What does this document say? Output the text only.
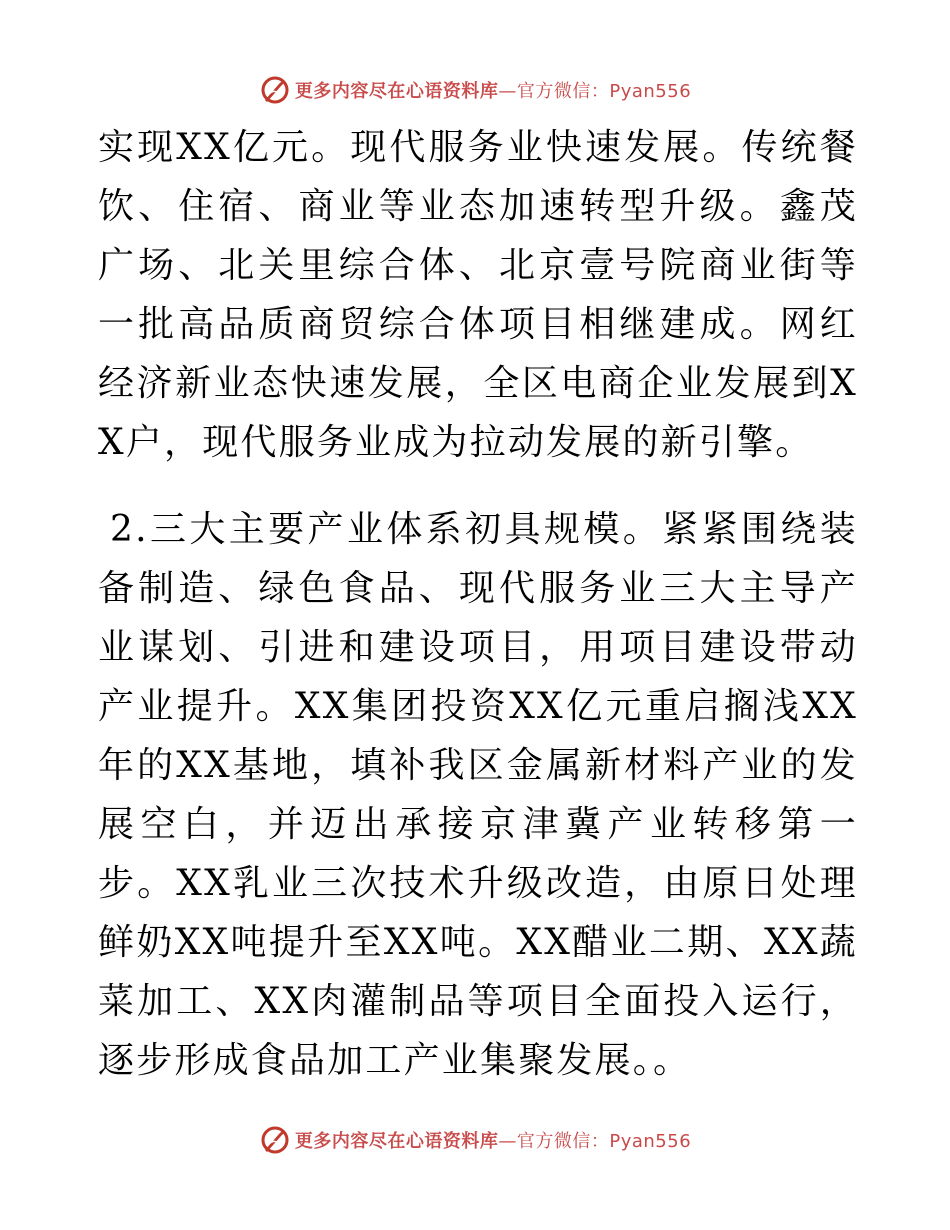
更多内容尽在心语资料库—官方微信：Pyan556

实现XX亿元。现代服务业快速发展。传统餐饮、住宿、商业等业态加速转型升级。鑫茂广场、北关里综合体、北京壹号院商业街等一批高品质商贸综合体项目相继建成。网红经济新业态快速发展，全区电商企业发展到XX户，现代服务业成为拉动发展的新引擎。

2.三大主要产业体系初具规模。紧紧围绕装备制造、绿色食品、现代服务业三大主导产业谋划、引进和建设项目，用项目建设带动产业提升。XX集团投资XX亿元重启搁浅XX年的XX基地，填补我区金属新材料产业的发展空白，并迈出承接京津冀产业转移第一步。XX乳业三次技术升级改造，由原日处理鲜奶XX吨提升至XX吨。XX醋业二期、XX蔬菜加工、XX肉灌制品等项目全面投入运行，逐步形成食品加工产业集聚发展。。

更多内容尽在心语资料库—官方微信：Pyan556
